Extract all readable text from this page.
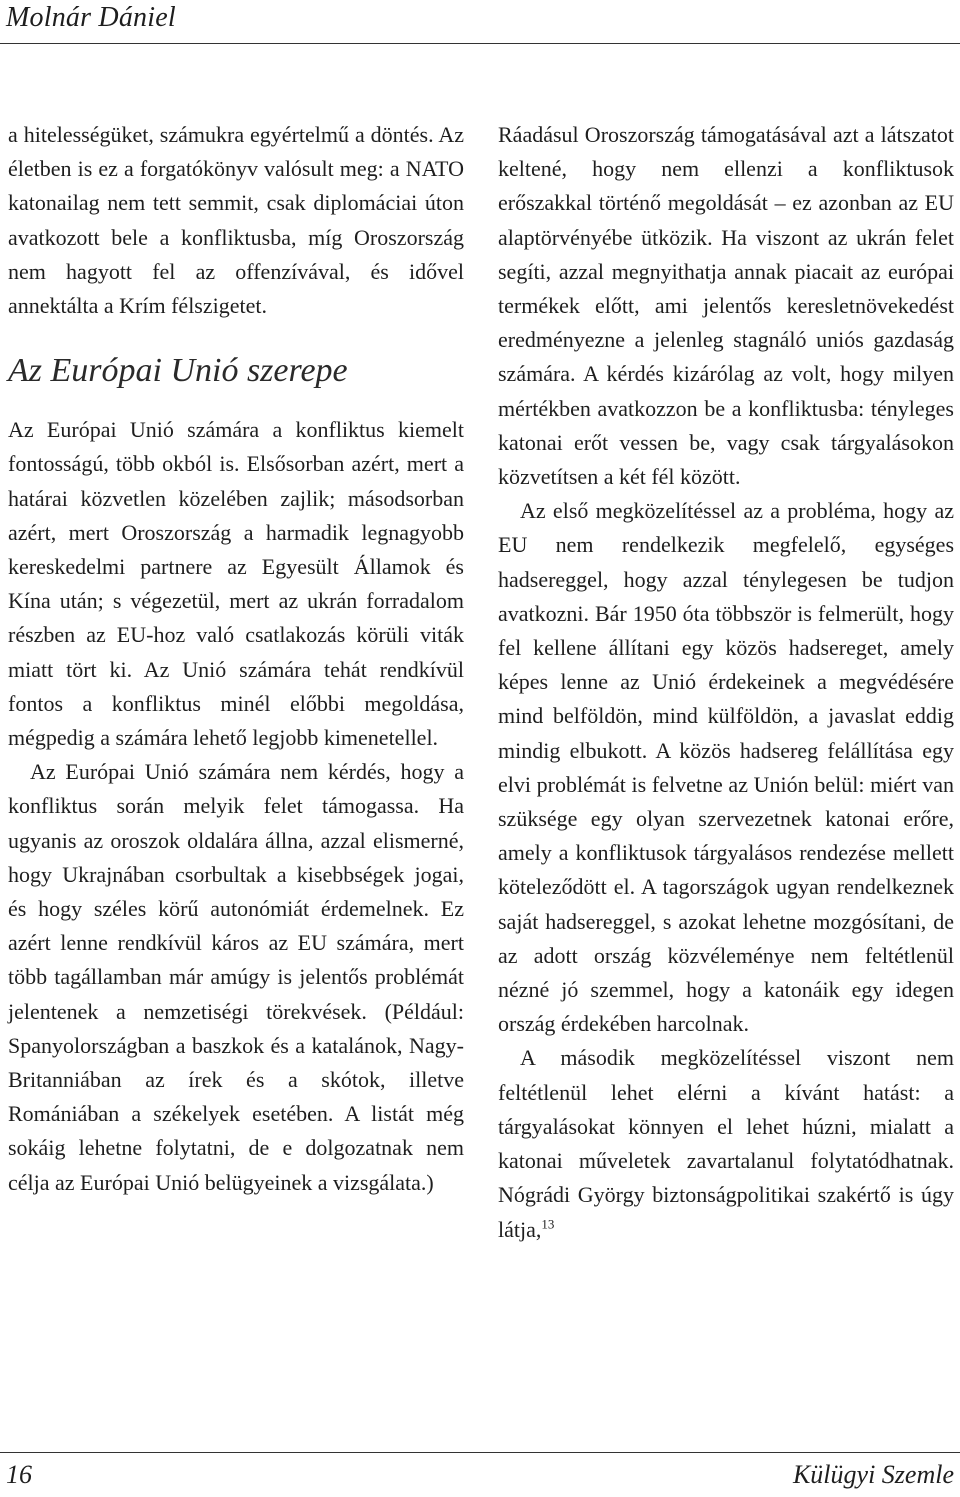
Molnár Dániel

a hitelességüket, számukra egyértelmű a döntés. Az életben is ez a forgatókönyv valósult meg: a NATO katonailag nem tett semmit, csak diplomáciai úton avatkozott bele a konfliktusba, míg Oroszország nem hagyott fel az offenzívával, és idővel annektálta a Krím félszigetet.

Az Európai Unió szerepe

Az Európai Unió számára a konfliktus kiemelt fontosságú, több okból is. Elsősorban azért, mert a határai közvetlen közelében zajlik; másodsorban azért, mert Oroszország a harmadik legnagyobb kereskedelmi partnere az Egyesült Államok és Kína után; s végezetül, mert az ukrán forradalom részben az EU-hoz való csatlakozás körüli viták miatt tört ki. Az Unió számára tehát rendkívül fontos a konfliktus minél előbbi megoldása, mégpedig a számára lehető legjobb kimenetellel.

Az Európai Unió számára nem kérdés, hogy a konfliktus során melyik felet támogassa. Ha ugyanis az oroszok oldalára állna, azzal elismerné, hogy Ukrajnában csorbultak a kisebbségek jogai, és hogy széles körű autonómiát érdemelnek. Ez azért lenne rendkívül káros az EU számára, mert több tagállamban már amúgy is jelentős problémát jelentenek a nemzetiségi törekvések. (Például: Spanyolországban a baszkok és a katalánok, Nagy-Britanniában az írek és a skótok, illetve Romániában a székelyek esetében. A listát még sokáig lehetne folytatni, de e dolgozatnak nem célja az Európai Unió belügyeinek a vizsgálata.)

Ráadásul Oroszország támogatásával azt a látszatot keltené, hogy nem ellenzi a konfliktusok erőszakkal történő megoldását – ez azonban az EU alaptörvényébe ütközik. Ha viszont az ukrán felet segíti, azzal megnyithatja annak piacait az európai termékek előtt, ami jelentős keresletnövekedést eredményezne a jelenleg stagnáló uniós gazdaság számára. A kérdés kizárólag az volt, hogy milyen mértékben avatkozzon be a konfliktusba: tényleges katonai erőt vessen be, vagy csak tárgyalásokon közvetítsen a két fél között.

Az első megközelítéssel az a probléma, hogy az EU nem rendelkezik megfelelő, egységes hadsereggel, hogy azzal ténylegesen be tudjon avatkozni. Bár 1950 óta többször is felmerült, hogy fel kellene állítani egy közös hadsereget, amely képes lenne az Unió érdekeinek a megvédésére mind belföldön, mind külföldön, a javaslat eddig mindig elbukott. A közös hadsereg felállítása egy elvi problémát is felvetne az Unión belül: miért van szüksége egy olyan szervezetnek katonai erőre, amely a konfliktusok tárgyalásos rendezése mellett köteleződött el. A tagországok ugyan rendelkeznek saját hadsereggel, s azokat lehetne mozgósítani, de az adott ország közvéleménye nem feltétlenül nézné jó szemmel, hogy a katonáik egy idegen ország érdekében harcolnak.

A második megközelítéssel viszont nem feltétlenül lehet elérni a kívánt hatást: a tárgyalásokat könnyen el lehet húzni, mialatt a katonai műveletek zavartalanul folytatódhatnak. Nógrádi György biztonságpolitikai szakértő is úgy látja,$^{13}$

16	Külügyi Szemle
